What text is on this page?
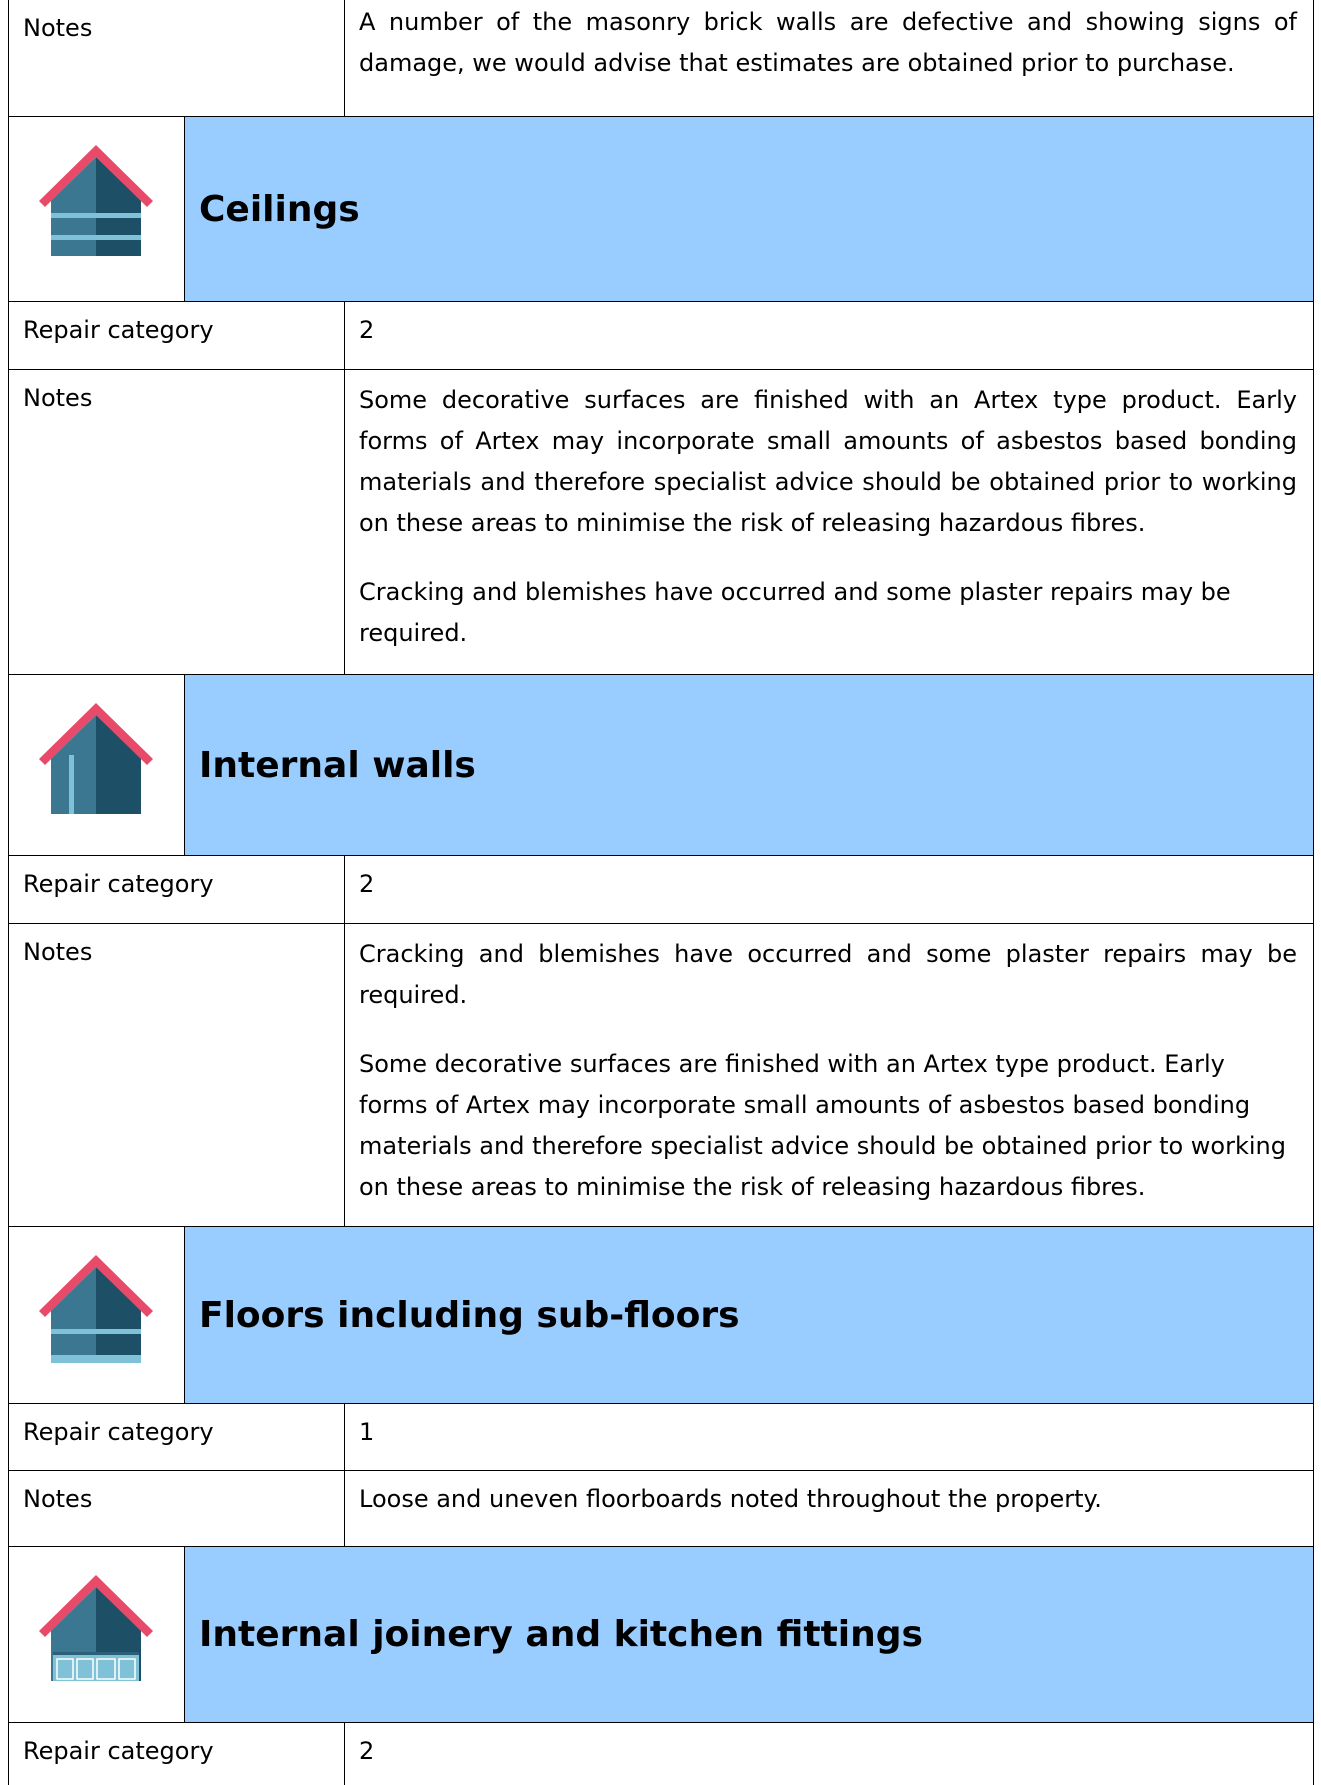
Notes	A number of the masonry brick walls are defective and showing signs of damage, we would advise that estimates are obtained prior to purchase.

Ceilings
Repair category	2
Notes	Some decorative surfaces are finished with an Artex type product. Early forms of Artex may incorporate small amounts of asbestos based bonding materials and therefore specialist advice should be obtained prior to working on these areas to minimise the risk of releasing hazardous fibres.

Cracking and blemishes have occurred and some plaster repairs may be required.

Internal walls
Repair category	2
Notes	Cracking and blemishes have occurred and some plaster repairs may be required.

Some decorative surfaces are finished with an Artex type product. Early forms of Artex may incorporate small amounts of asbestos based bonding materials and therefore specialist advice should be obtained prior to working on these areas to minimise the risk of releasing hazardous fibres.

Floors including sub-floors
Repair category	1
Notes	Loose and uneven floorboards noted throughout the property.

Internal joinery and kitchen fittings
Repair category	2
